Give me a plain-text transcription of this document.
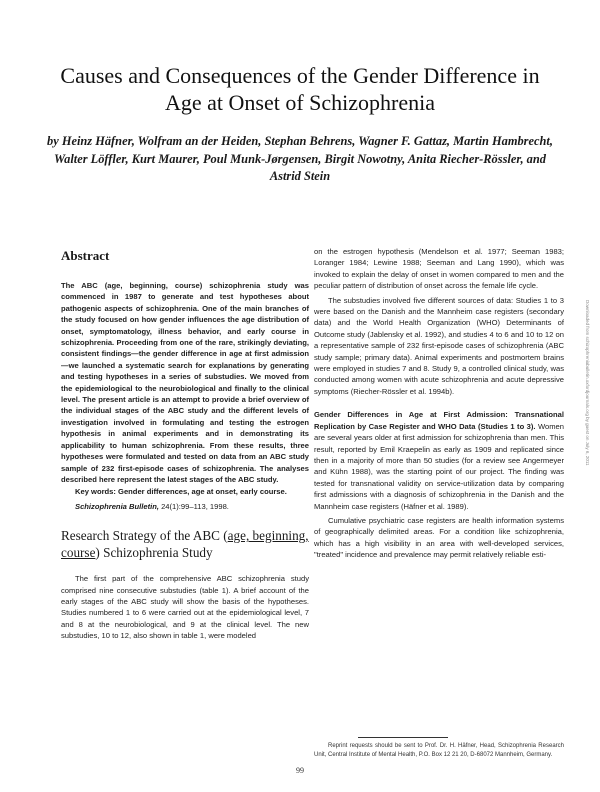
Causes and Consequences of the Gender Difference in Age at Onset of Schizophrenia
by Heinz Häfner, Wolfram an der Heiden, Stephan Behrens, Wagner F. Gattaz, Martin Hambrecht, Walter Löffler, Kurt Maurer, Poul Munk-Jørgensen, Birgit Nowotny, Anita Riecher-Rössler, and Astrid Stein
Abstract

The ABC (age, beginning, course) schizophrenia study was commenced in 1987 to generate and test hypotheses about pathogenic aspects of schizophrenia. One of the main branches of the study focused on how gender influences the age distribution of onset, symptomatology, illness behavior, and early course in schizophrenia. Proceeding from one of the rare, strikingly deviating, consistent findings—the gender difference in age at first admission—we launched a systematic search for explanations by generating and testing hypotheses in a series of substudies. We moved from the epidemiological to the neurobiological and finally to the clinical level. The present article is an attempt to provide a brief overview of the individual stages of the ABC study and the different levels of investigation involved in formulating and testing the estrogen hypothesis in animal experiments and in demonstrating its applicability to human schizophrenia. From these results, three hypotheses were formulated and tested on data from an ABC study sample of 232 first-episode cases of schizophrenia. The analyses described here represent the latest stages of the ABC study.

Key words: Gender differences, age at onset, early course.

Schizophrenia Bulletin, 24(1):99–113, 1998.

Research Strategy of the ABC (age, beginning, course) Schizophrenia Study

The first part of the comprehensive ABC schizophrenia study comprised nine consecutive substudies (table 1). A brief account of the early stages of the ABC study will show the basis of the hypotheses. Studies numbered 1 to 6 were carried out at the epidemiological level, 7 and 8 at the neurobiological, and 9 at the clinical level. The new substudies, 10 to 12, also shown in table 1, were modeled

on the estrogen hypothesis (Mendelson et al. 1977; Seeman 1983; Loranger 1984; Lewine 1988; Seeman and Lang 1990), which was invoked to explain the delay of onset in women compared to men and the peculiar pattern of distribution of onset across the female life cycle.

The substudies involved five different sources of data: Studies 1 to 3 were based on the Danish and the Mannheim case registers (secondary data) and the World Health Organization (WHO) Determinants of Outcome study (Jablensky et al. 1992), and studies 4 to 6 and 10 to 12 on a representative sample of 232 first-episode cases of schizophrenia (ABC study sample; primary data). Animal experiments and postmortem brains were employed in studies 7 and 8. Study 9, a controlled clinical study, was conducted among women with acute schizophrenia and acute depressive symptoms (Riecher-Rössler et al. 1994b).

Gender Differences in Age at First Admission: Transnational Replication by Case Register and WHO Data (Studies 1 to 3). Women are several years older at first admission for schizophrenia than men. This result, reported by Emil Kraepelin as early as 1909 and replicated since then in a majority of more than 50 studies (for a review see Angermeyer and Kühn 1988), was the starting point of our project. The finding was tested for transnational validity on service-utilization data by comparing first admissions with a diagnosis of schizophrenia in the Danish and the Mannheim case registers (Häfner et al. 1989).

Cumulative psychiatric case registers are health information systems of geographically delimited areas. For a condition like schizophrenia, which has a high visibility in an area with well-developed services, "treated" incidence and prevalence may permit relatively reliable esti-

Reprint requests should be sent to Prof. Dr. H. Häfner, Head, Schizophrenia Research Unit, Central Institute of Mental Health, P.O. Box 12 21 20, D-68072 Mannheim, Germany.
99
Downloaded from schizophreniabulletin.oxfordjournals.org by guest on July 6, 2011
